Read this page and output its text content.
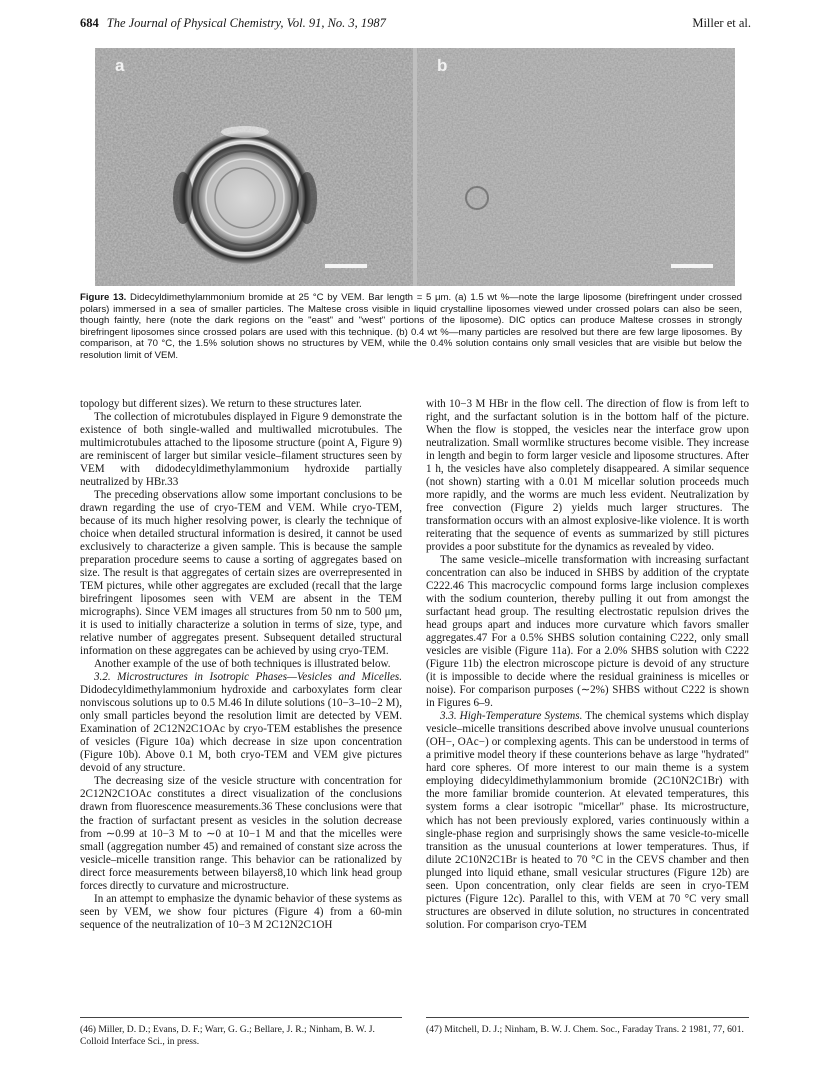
684 The Journal of Physical Chemistry, Vol. 91, No. 3, 1987	Miller et al.
a	b
Figure 13. Didecyldimethylammonium bromide at 25 °C by VEM. Bar length = 5 μm. (a) 1.5 wt %—note the large liposome (birefringent under crossed polars) immersed in a sea of smaller particles. The Maltese cross visible in liquid crystalline liposomes viewed under crossed polars can also be seen, though faintly, here (note the dark regions on the "east" and "west" portions of the liposome). DIC optics can produce Maltese crosses in strongly birefringent liposomes since crossed polars are used with this technique. (b) 0.4 wt %—many particles are resolved but there are few large liposomes. By comparison, at 70 °C, the 1.5% solution shows no structures by VEM, while the 0.4% solution contains only small vesicles that are visible but below the resolution limit of VEM.

topology but different sizes). We return to these structures later.

The collection of microtubules displayed in Figure 9 demonstrate the existence of both single-walled and multiwalled microtubules. The multimicrotubules attached to the liposome structure (point A, Figure 9) are reminiscent of larger but similar vesicle–filament structures seen by VEM with didodecyldimethylammonium hydroxide partially neutralized by HBr.33

The preceding observations allow some important conclusions to be drawn regarding the use of cryo-TEM and VEM. While cryo-TEM, because of its much higher resolving power, is clearly the technique of choice when detailed structural information is desired, it cannot be used exclusively to characterize a given sample. This is because the sample preparation procedure seems to cause a sorting of aggregates based on size. The result is that aggregates of certain sizes are overrepresented in TEM pictures, while other aggregates are excluded (recall that the large birefringent liposomes seen with VEM are absent in the TEM micrographs). Since VEM images all structures from 50 nm to 500 μm, it is used to initially characterize a solution in terms of size, type, and relative number of aggregates present. Subsequent detailed structural information on these aggregates can be achieved by using cryo-TEM.

Another example of the use of both techniques is illustrated below.

3.2. Microstructures in Isotropic Phases—Vesicles and Micelles. Didodecyldimethylammonium hydroxide and carboxylates form clear nonviscous solutions up to 0.5 M.46 In dilute solutions (10−3–10−2 M), only small particles beyond the resolution limit are detected by VEM. Examination of 2C12N2C1OAc by cryo-TEM establishes the presence of vesicles (Figure 10a) which decrease in size upon concentration (Figure 10b). Above 0.1 M, both cryo-TEM and VEM give pictures devoid of any structure.

The decreasing size of the vesicle structure with concentration for 2C12N2C1OAc constitutes a direct visualization of the conclusions drawn from fluorescence measurements.36 These conclusions were that the fraction of surfactant present as vesicles in the solution decrease from ∼0.99 at 10−3 M to ∼0 at 10−1 M and that the micelles were small (aggregation number 45) and remained of constant size across the vesicle–micelle transition range. This behavior can be rationalized by direct force measurements between bilayers8,10 which link head group forces directly to curvature and microstructure.

In an attempt to emphasize the dynamic behavior of these systems as seen by VEM, we show four pictures (Figure 4) from a 60-min sequence of the neutralization of 10−3 M 2C12N2C1OH

with 10−3 M HBr in the flow cell. The direction of flow is from left to right, and the surfactant solution is in the bottom half of the picture. When the flow is stopped, the vesicles near the interface grow upon neutralization. Small wormlike structures become visible. They increase in length and begin to form larger vesicle and liposome structures. After 1 h, the vesicles have also completely disappeared. A similar sequence (not shown) starting with a 0.01 M micellar solution proceeds much more rapidly, and the worms are much less evident. Neutralization by free convection (Figure 2) yields much larger structures. The transformation occurs with an almost explosive-like violence. It is worth reiterating that the sequence of events as summarized by still pictures provides a poor substitute for the dynamics as revealed by video.

The same vesicle–micelle transformation with increasing surfactant concentration can also be induced in SHBS by addition of the cryptate C222.46 This macrocyclic compound forms large inclusion complexes with the sodium counterion, thereby pulling it out from amongst the surfactant head group. The resulting electrostatic repulsion drives the head groups apart and induces more curvature which favors smaller aggregates.47 For a 0.5% SHBS solution containing C222, only small vesicles are visible (Figure 11a). For a 2.0% SHBS solution with C222 (Figure 11b) the electron microscope picture is devoid of any structure (it is impossible to decide where the residual graininess is micelles or noise). For comparison purposes (∼2%) SHBS without C222 is shown in Figures 6–9.

3.3. High-Temperature Systems. The chemical systems which display vesicle–micelle transitions described above involve unusual counterions (OH−, OAc−) or complexing agents. This can be understood in terms of a primitive model theory if these counterions behave as large "hydrated" hard core spheres. Of more interest to our main theme is a system employing didecyldimethylammonium bromide (2C10N2C1Br) with the more familiar bromide counterion. At elevated temperatures, this system forms a clear isotropic "micellar" phase. Its microstructure, which has not been previously explored, varies continuously within a single-phase region and surprisingly shows the same vesicle-to-micelle transition as the unusual counterions at lower temperatures. Thus, if dilute 2C10N2C1Br is heated to 70 °C in the CEVS chamber and then plunged into liquid ethane, small vesicular structures (Figure 12b) are seen. Upon concentration, only clear fields are seen in cryo-TEM pictures (Figure 12c). Parallel to this, with VEM at 70 °C very small structures are observed in dilute solution, no structures in concentrated solution. For comparison cryo-TEM

(46) Miller, D. D.; Evans, D. F.; Warr, G. G.; Bellare, J. R.; Ninham, B. W. J. Colloid Interface Sci., in press.
(47) Mitchell, D. J.; Ninham, B. W. J. Chem. Soc., Faraday Trans. 2 1981, 77, 601.
